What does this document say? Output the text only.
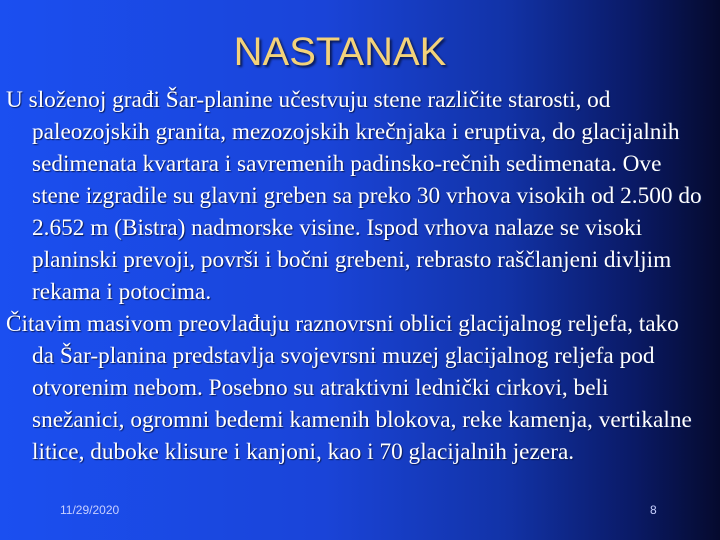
NASTANAK

U složenoj građi Šar-planine učestvuju stene različite starosti, od paleozojskih granita, mezozojskih krečnjaka i eruptiva, do glacijalnih sedimenata kvartara i savremenih padinsko-rečnih sedimenata. Ove stene izgradile su glavni greben sa preko 30 vrhova visokih od 2.500 do 2.652 m (Bistra) nadmorske visine. Ispod vrhova nalaze se visoki planinski prevoji, površi i bočni grebeni, rebrasto raščlanjeni divljim rekama i potocima.

Čitavim masivom preovlađuju raznovrsni oblici glacijalnog reljefa, tako da Šar-planina predstavlja svojevrsni muzej glacijalnog reljefa pod otvorenim nebom. Posebno su atraktivni lednički cirkovi, beli snežanici, ogromni bedemi kamenih blokova, reke kamenja, vertikalne litice, duboke klisure i kanjoni, kao i 70 glacijalnih jezera.

11/29/2020	8
